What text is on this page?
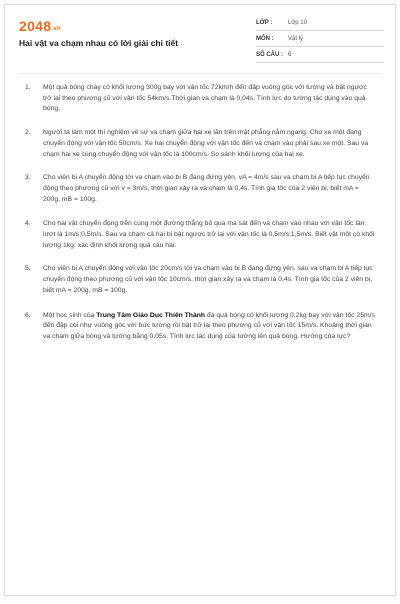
2048.vn
Hai vật va chạm nhau có lời giải chi tiết
LỚP :	Lớp 10
MÔN :	Vật lý
SỐ CÂU : 6
1.	Một quả bóng chày có khối lượng 300g bay với vận tốc 72km/h đến đập vuông góc với tường và bật ngược trở lại theo phương cũ với vận tốc 54km/s.Thời gian va chạm là 0,04s. Tính lực do tường tác dụng vào quả bóng.
2.	Người ta làm một thí nghiệm về sự va chạm giữa hai xe lăn trên mặt phẳng nằm ngang. Cho xe một đang chuyển động với vận tốc 50cm/s. Xe hai chuyển động với vận tốc đến va chạm vào phải sau xe một. Sau va chạm hai xe cùng chuyển động với vận tốc là 100cm/s. So sánh khối lượng của hai xe.
3.	Cho viên bi A chuyển động tới va chạm vào bi B đang đứng yên, vA = 4m/s sau va chạm bi A tiếp tục chuyển động theo phương cũ với v = 3m/s, thời gian xảy ra va chạm là 0,4s. Tính gia tốc của 2 viên bi, biết mA = 200g, mB = 100g.
4.	Cho hai vật chuyển động trên cùng một đường thẳng bỏ qua ma sát đến va chạm vào nhau với vận tốc lần lượt là 1m/s;0,5m/s. Sau va chạm cả hai bị bật ngược trở lại với vận tốc là 0,5m/s;1,5m/s. Biết vật một có khối lượng 1kg. xác định khối lượng quả cầu hai.
5.	Cho viên bi A chuyển động với vận tốc 20cm/s tới va chạm vào bi B đang đứng yên, sau va chạm bi A tiếp tục chuyển động theo phương cũ với vận tốc 10cm/s, thời gian xảy ra va chạm là 0,4s. Tính gia tốc của 2 viên bi, biết mA = 200g, mB = 100g.
6.	Một học sinh của Trung Tâm Giáo Dục Thiên Thành đá quả bóng có khối lượng 0,2kg bay với vận tốc 25m/s đến đập coi như vuông góc với bức tường rồi bật trở lại theo phương cũ với vận tốc 15m/s. Khoảng thời gian va chạm giữa bóng và tường bằng 0,05s. Tính lực tác dụng của tường lên quả bóng. Hướng của lực?
